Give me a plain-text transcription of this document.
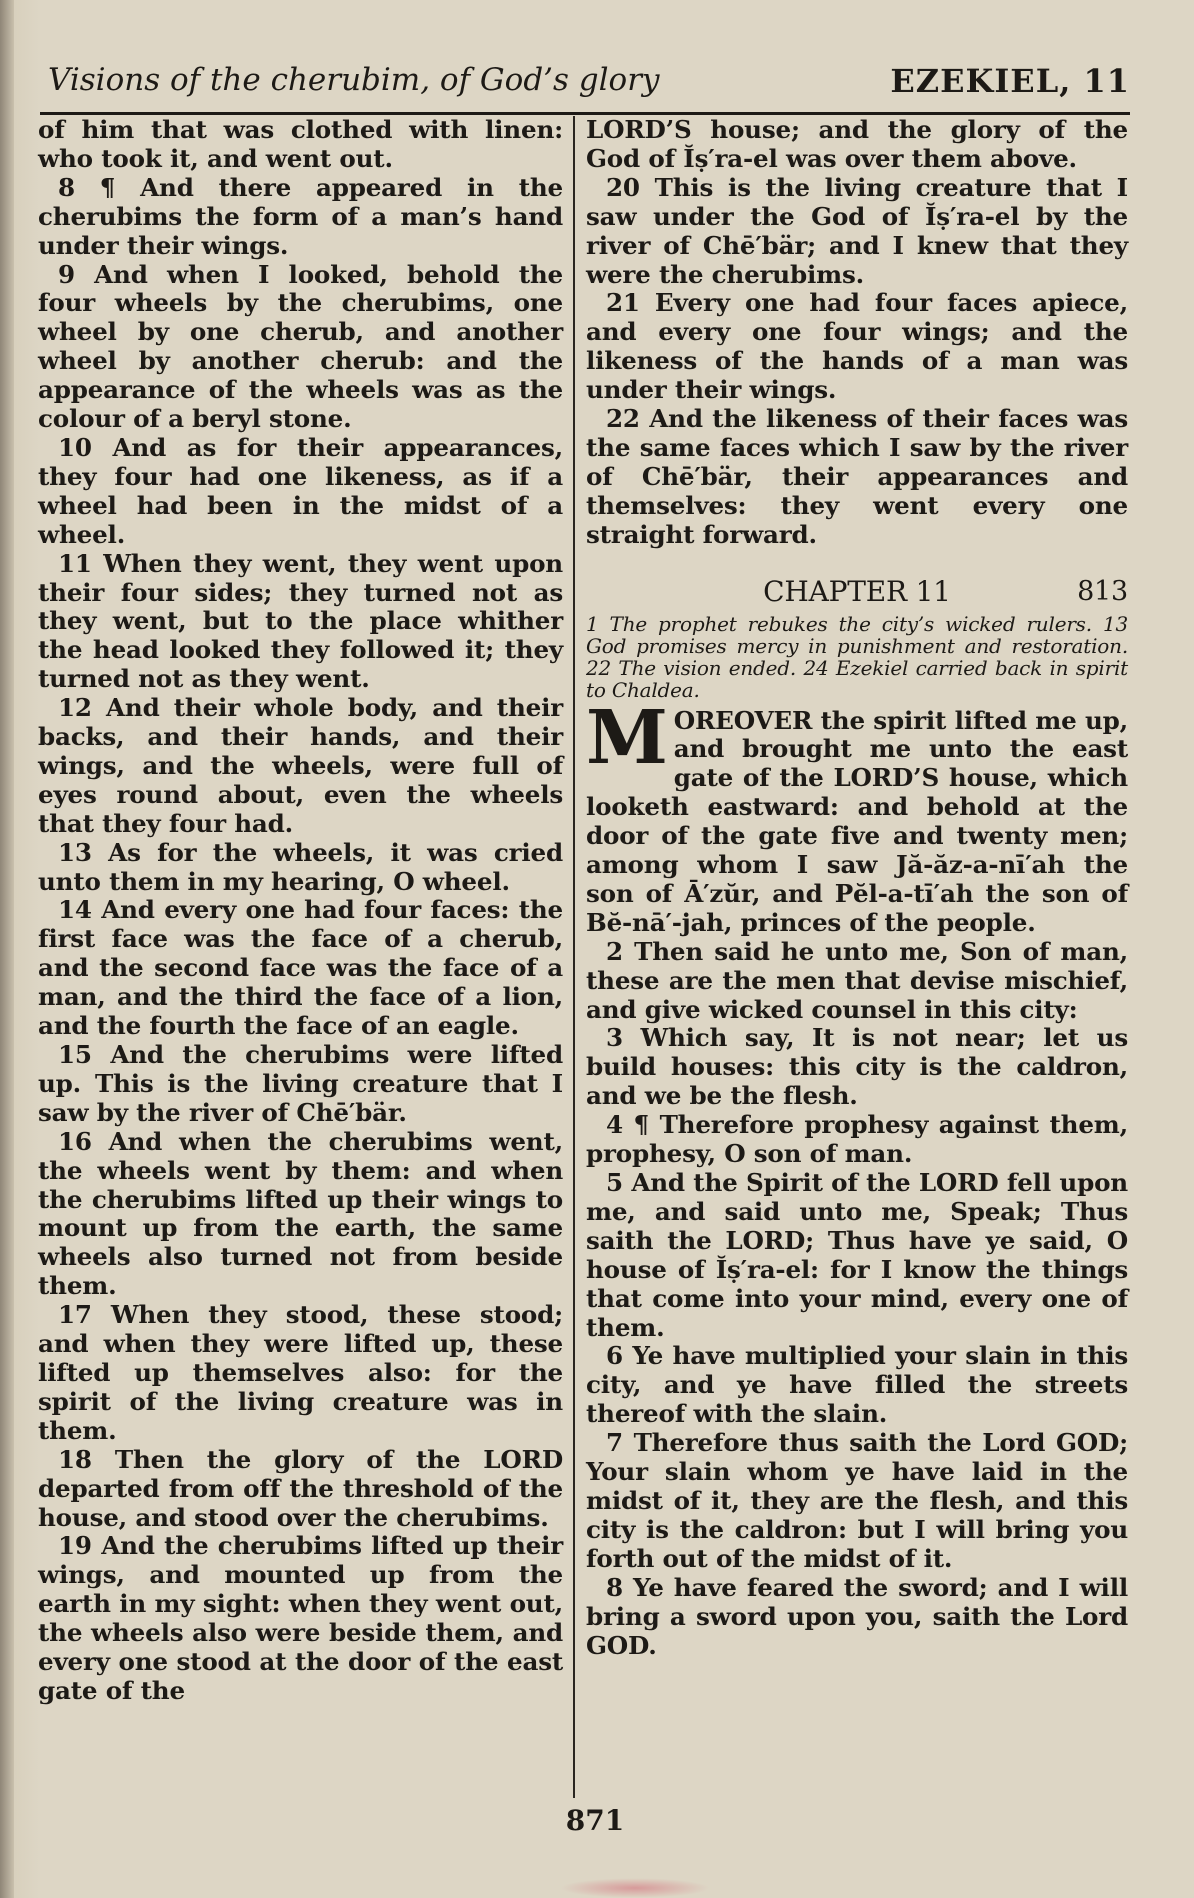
Visions of the cherubim, of God’s glory	EZEKIEL, 11

of him that was clothed with linen: who took it, and went out.

8 ¶ And there appeared in the cherubims the form of a man’s hand under their wings.

9 And when I looked, behold the four wheels by the cherubims, one wheel by one cherub, and another wheel by another cherub: and the appearance of the wheels was as the colour of a beryl stone.

10 And as for their appearances, they four had one likeness, as if a wheel had been in the midst of a wheel.

11 When they went, they went upon their four sides; they turned not as they went, but to the place whither the head looked they followed it; they turned not as they went.

12 And their whole body, and their backs, and their hands, and their wings, and the wheels, were full of eyes round about, even the wheels that they four had.

13 As for the wheels, it was cried unto them in my hearing, O wheel.

14 And every one had four faces: the first face was the face of a cherub, and the second face was the face of a man, and the third the face of a lion, and the fourth the face of an eagle.

15 And the cherubims were lifted up. This is the living creature that I saw by the river of Chē′bär.

16 And when the cherubims went, the wheels went by them: and when the cherubims lifted up their wings to mount up from the earth, the same wheels also turned not from beside them.

17 When they stood, these stood; and when they were lifted up, these lifted up themselves also: for the spirit of the living creature was in them.

18 Then the glory of the LORD departed from off the threshold of the house, and stood over the cherubims.

19 And the cherubims lifted up their wings, and mounted up from the earth in my sight: when they went out, the wheels also were beside them, and every one stood at the door of the east gate of the

LORD’S house; and the glory of the God of Ĭṣ′ra-el was over them above.

20 This is the living creature that I saw under the God of Ĭṣ′ra-el by the river of Chē′bär; and I knew that they were the cherubims.

21 Every one had four faces apiece, and every one four wings; and the likeness of the hands of a man was under their wings.

22 And the likeness of their faces was the same faces which I saw by the river of Chē′bär, their appearances and themselves: they went every one straight forward.

CHAPTER 11	813

1 The prophet rebukes the city’s wicked rulers. 13 God promises mercy in punishment and restoration. 22 The vision ended. 24 Ezekiel carried back in spirit to Chaldea.

MOREOVER the spirit lifted me up, and brought me unto the east gate of the LORD’S house, which looketh eastward: and behold at the door of the gate five and twenty men; among whom I saw Jă-ăz-a-nī′ah the son of Ā′zŭr, and Pĕl-a-tī′ah the son of Bĕ-nā′-jah, princes of the people.

2 Then said he unto me, Son of man, these are the men that devise mischief, and give wicked counsel in this city:

3 Which say, It is not near; let us build houses: this city is the caldron, and we be the flesh.

4 ¶ Therefore prophesy against them, prophesy, O son of man.

5 And the Spirit of the LORD fell upon me, and said unto me, Speak; Thus saith the LORD; Thus have ye said, O house of Ĭṣ′ra-el: for I know the things that come into your mind, every one of them.

6 Ye have multiplied your slain in this city, and ye have filled the streets thereof with the slain.

7 Therefore thus saith the Lord GOD; Your slain whom ye have laid in the midst of it, they are the flesh, and this city is the caldron: but I will bring you forth out of the midst of it.

8 Ye have feared the sword; and I will bring a sword upon you, saith the Lord GOD.

871
